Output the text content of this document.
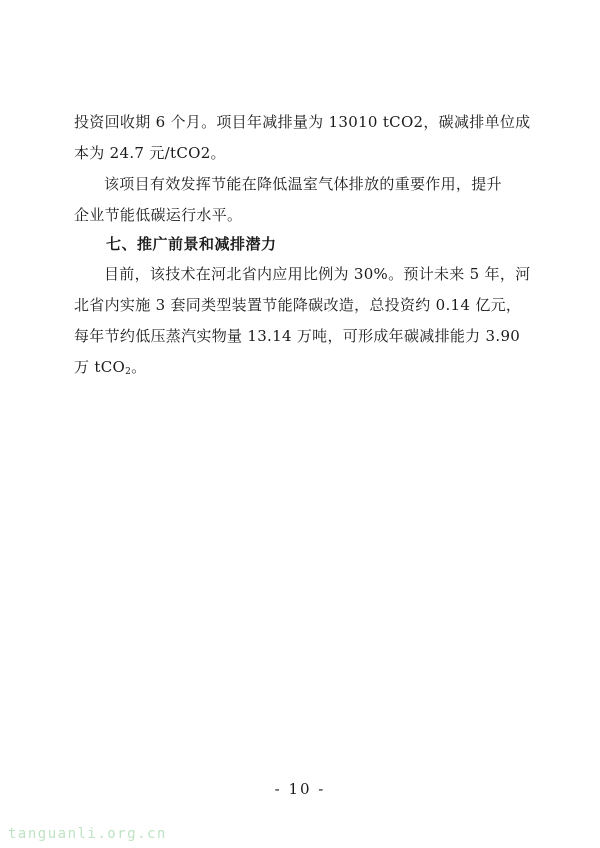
投资回收期 6 个月。项目年减排量为 13010 tCO2，碳减排单位成
本为 24.7 元/tCO2。
该项目有效发挥节能在降低温室气体排放的重要作用，提升
企业节能低碳运行水平。
七、推广前景和减排潜力
目前，该技术在河北省内应用比例为 30%。预计未来 5 年，河
北省内实施 3 套同类型装置节能降碳改造，总投资约 0.14 亿元，
每年节约低压蒸汽实物量 13.14 万吨，可形成年碳减排能力 3.90
万 tCO$_2$。
- 10 -
tanguanli.org.cn
